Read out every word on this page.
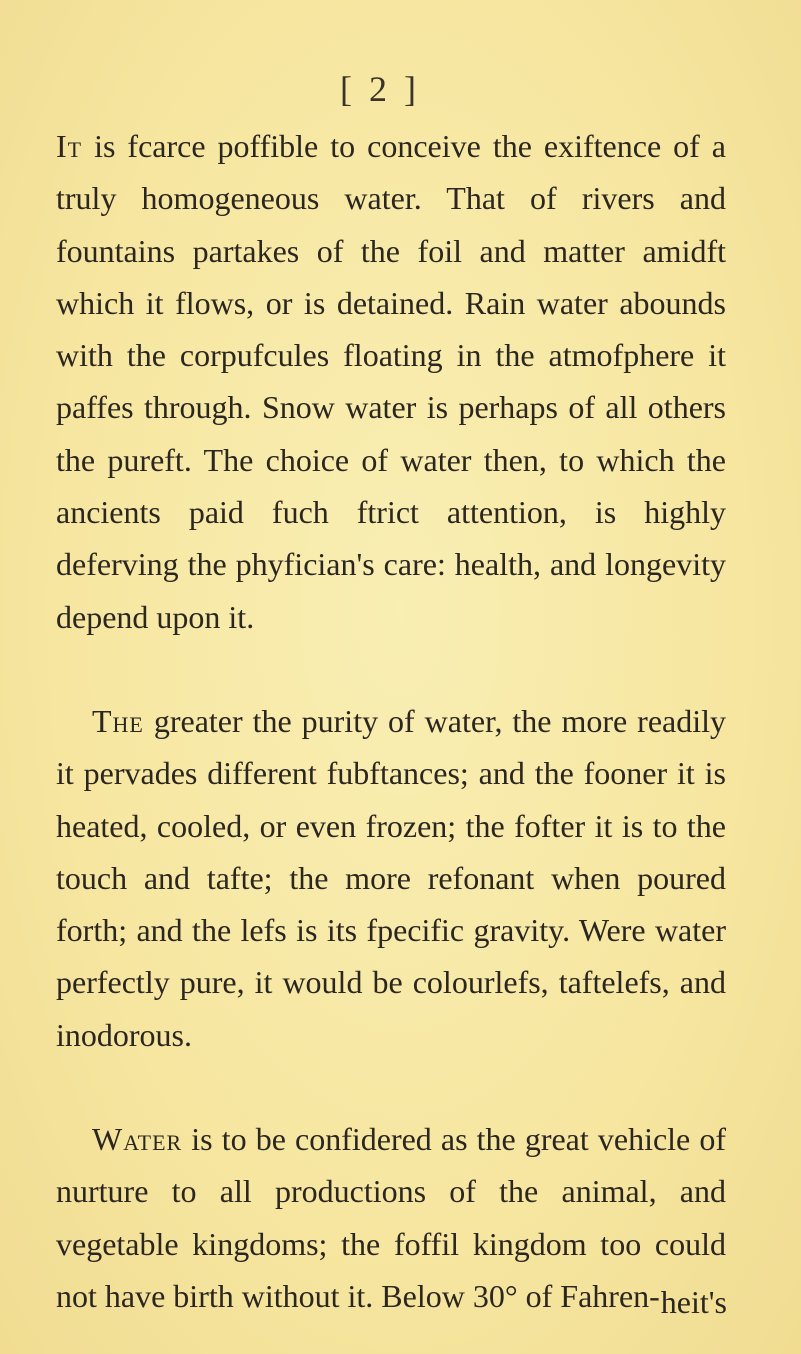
[ 2 ]

It is fcarce poffible to conceive the exiftence of a truly homogeneous water. That of rivers and fountains partakes of the foil and matter amidft which it flows, or is detained. Rain water abounds with the corpufcules floating in the atmofphere it paffes through. Snow water is perhaps of all others the pureft. The choice of water then, to which the ancients paid fuch ftrict attention, is highly deferving the phyfician's care: health, and longevity depend upon it.

The greater the purity of water, the more readily it pervades different fubftances; and the fooner it is heated, cooled, or even frozen; the fofter it is to the touch and tafte; the more refonant when poured forth; and the lefs is its fpecific gravity. Were water perfectly pure, it would be colourlefs, taftelefs, and inodorous.

Water is to be confidered as the great vehicle of nurture to all productions of the animal, and vegetable kingdoms; the foffil kingdom too could not have birth without it. Below 30° of Fahren- heit's
